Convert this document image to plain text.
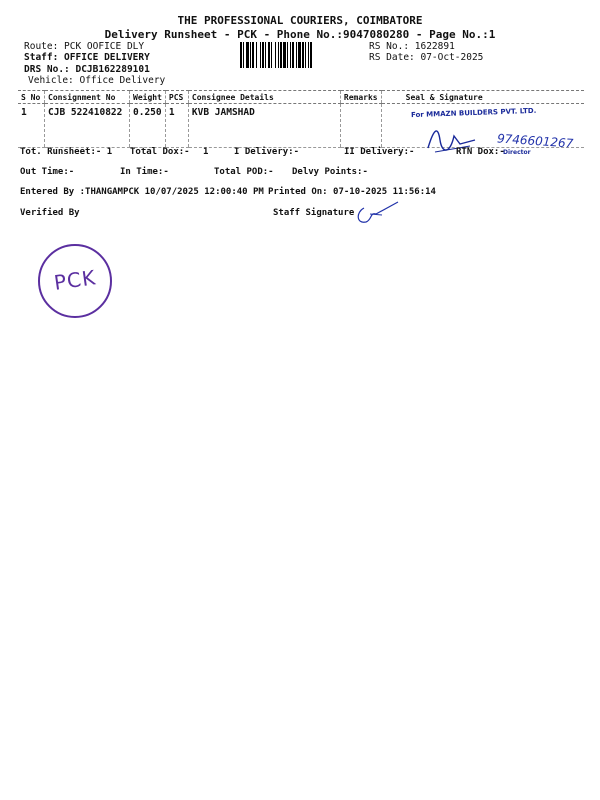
THE PROFESSIONAL COURIERS, COIMBATORE
Delivery Runsheet - PCK - Phone No.:9047080280 - Page No.:1
Route: PCK OOFICE DLY
Staff: OFFICE DELIVERY
DRS No.: DCJB162289101
Vehicle: Office Delivery
RS No.: 1622891
RS Date: 07-Oct-2025
S No	Consignment No	Weight	PCS	Consignee Details	Remarks	Seal & Signature
1	CJB 522410822	0.250	1	KVB JAMSHAD			For MMAZN BUILDERS PVT. LTD.
9746601267
Director
Tot. Runsheet:- 1 Total Dox:- 1	I Delivery:-	II Delivery:-	RTN Dox:-
Out Time:-	In Time:-	Total POD:- Delvy Points:-
Entered By :THANGAMPCK 10/07/2025 12:00:40 PM Printed On: 07-10-2025 11:56:14
Verified By	Staff Signature
PCK
